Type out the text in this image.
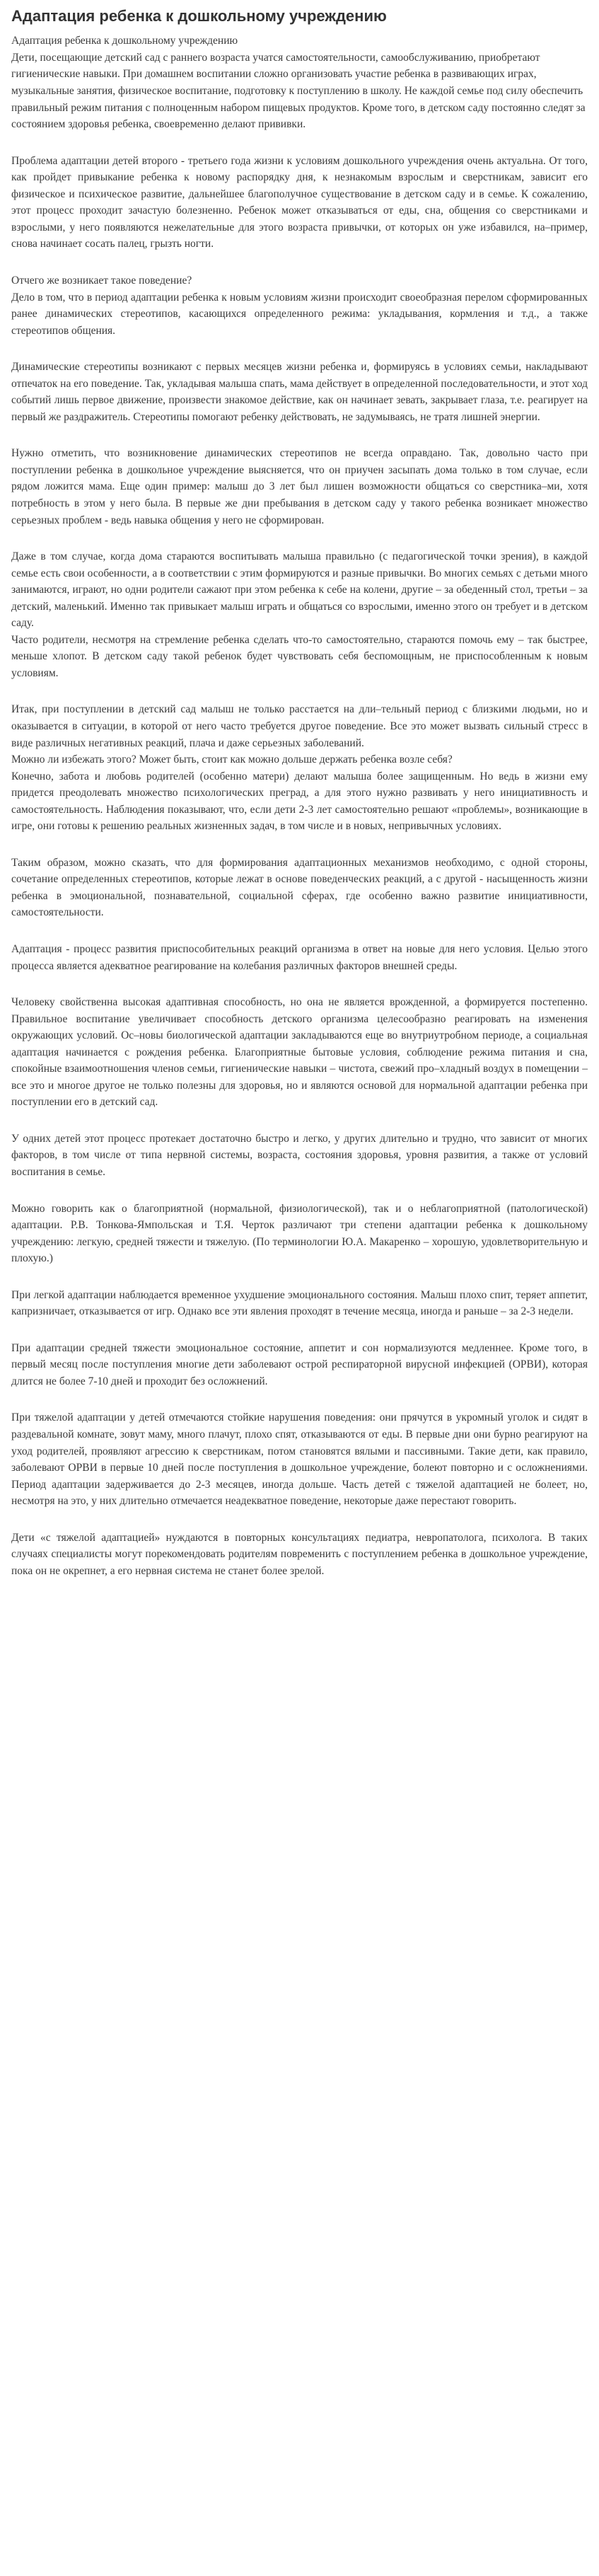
Адаптация ребенка к дошкольному учреждению
Адаптация ребенка к дошкольному учреждению

Дети, посещающие детский сад с раннего возраста учатся самостоятельности, самообслуживанию, приобретают гигиенические навыки. При домашнем воспитании сложно организовать участие ребенка в развивающих играх, музыкальные занятия, физическое воспитание, подготовку к поступлению в школу. Не каждой семье под силу обеспечить правильный режим питания с полноценным набором пищевых продуктов. Кроме того, в детском саду постоянно следят за состоянием здоровья ребенка, своевременно делают прививки.

Проблема адаптации детей второго - третьего года жизни к условиям дошкольного учреждения очень актуальна. От того, как пройдет привыкание ребенка к новому распорядку дня, к незнакомым взрослым и сверстникам, зависит его физическое и психическое развитие, дальнейшее благополучное существование в детском саду и в семье. К сожалению, этот процесс проходит зачастую болезненно. Ребенок может отказываться от еды, сна, общения со сверстниками и взрослыми, у него появляются нежелательные для этого возраста привычки, от которых он уже избавился, на–пример, снова начинает сосать палец, грызть ногти.

Отчего же возникает такое поведение?

Дело в том, что в период адаптации ребенка к новым условиям жизни происходит своеобразная перелом сформированных ранее динамических стереотипов, касающихся определенного режима: укладывания, кормления и т.д., а также стереотипов общения.

Динамические стереотипы возникают с первых месяцев жизни ребенка и, формируясь в условиях семьи, накладывают отпечаток на его поведение. Так, укладывая малыша спать, мама действует в определенной последовательности, и этот ход событий лишь первое движение, произвести знакомое действие, как он начинает зевать, закрывает глаза, т.е. реагирует на первый же раздражитель. Стереотипы помогают ребенку действовать, не задумываясь, не тратя лишней энергии.

Нужно отметить, что возникновение динамических стереотипов не всегда оправдано. Так, довольно часто при поступлении ребенка в дошкольное учреждение выясняется, что он приучен засыпать дома только в том случае, если рядом ложится мама. Еще один пример: малыш до 3 лет был лишен возможности общаться со сверстника–ми, хотя потребность в этом у него была. В первые же дни пребывания в детском саду у такого ребенка возникает множество серьезных проблем - ведь навыка общения у него не сформирован.

Даже в том случае, когда дома стараются воспитывать малыша правильно (с педагогической точки зрения), в каждой семье есть свои особенности, а в соответствии с этим формируются и разные привычки. Во многих семьях с детьми много занимаются, играют, но одни родители сажают при этом ребенка к себе на колени, другие – за обеденный стол, третьи – за детский, маленький. Именно так привыкает малыш играть и общаться со взрослыми, именно этого он требует и в детском саду.

Часто родители, несмотря на стремление ребенка сделать что-то самостоятельно, стараются помочь ему – так быстрее, меньше хлопот. В детском саду такой ребенок будет чувствовать себя беспомощным, не приспособленным к новым условиям.

Итак, при поступлении в детский сад малыш не только расстается на дли–тельный период с близкими людьми, но и оказывается в ситуации, в которой от него часто требуется другое поведение. Все это может вызвать сильный стресс в виде различных негативных реакций, плача и даже серьезных заболеваний.

Можно ли избежать этого? Может быть, стоит как можно дольше держать ребенка возле себя?

Конечно, забота и любовь родителей (особенно матери) делают малыша более защищенным. Но ведь в жизни ему придется преодолевать множество психологических преград, а для этого нужно развивать у него инициативность и самостоятельность. Наблюдения показывают, что, если дети 2-3 лет самостоятельно решают «проблемы», возникающие в игре, они готовы к решению реальных жизненных задач, в том числе и в новых, непривычных условиях.

Таким образом, можно сказать, что для формирования адаптационных механизмов необходимо, с одной стороны, сочетание определенных стереотипов, которые лежат в основе поведенческих реакций, а с другой - насыщенность жизни ребенка в эмоциональной, познавательной, социальной сферах, где особенно важно развитие инициативности, самостоятельности.

Адаптация - процесс развития приспособительных реакций организма в ответ на новые для него условия. Целью этого процесса является адекватное реагирование на колебания различных факторов внешней среды.

Человеку свойственна высокая адаптивная способность, но она не является врожденной, а формируется постепенно. Правильное воспитание увеличивает способность детского организма целесообразно реагировать на изменения окружающих условий. Ос–новы биологической адаптации закладываются еще во внутриутробном периоде, а социальная адаптация начинается с рождения ребенка. Благоприятные бытовые условия, соблюдение режима питания и сна, спокойные взаимоотношения членов семьи, гигиенические навыки – чистота, свежий про–хладный воздух в помещении – все это и многое другое не только полезны для здоровья, но и являются основой для нормальной адаптации ребенка при поступлении его в детский сад.

У одних детей этот процесс протекает достаточно быстро и легко, у других длительно и трудно, что зависит от многих факторов, в том числе от типа нервной системы, возраста, состояния здоровья, уровня развития, а также от условий воспитания в семье.

Можно говорить как о благоприятной (нормальной, физиологической), так и о неблагоприятной (патологической) адаптации. Р.В. Тонкова-Ямпольская и Т.Я. Черток различают три степени адаптации ребенка к дошкольному учреждению: легкую, средней тяжести и тяжелую. (По терминологии Ю.А. Макаренко – хорошую, удовлетворительную и плохую.)

При легкой адаптации наблюдается временное ухудшение эмоционального состояния. Малыш плохо спит, теряет аппетит, капризничает, отказывается от игр. Однако все эти явления проходят в течение месяца, иногда и раньше – за 2-3 недели.

При адаптации средней тяжести эмоциональное состояние, аппетит и сон нормализуются медленнее. Кроме того, в первый месяц после поступления многие дети заболевают острой респираторной вирусной инфекцией (ОРВИ), которая длится не более 7-10 дней и проходит без осложнений.

При тяжелой адаптации у детей отмечаются стойкие нарушения поведения: они прячутся в укромный уголок и сидят в раздевальной комнате, зовут маму, много плачут, плохо спят, отказываются от еды. В первые дни они бурно реагируют на уход родителей, проявляют агрессию к сверстникам, потом становятся вялыми и пассивными. Такие дети, как правило, заболевают ОРВИ в первые 10 дней после поступления в дошкольное учреждение, болеют повторно и с осложнениями. Период адаптации задерживается до 2-3 месяцев, иногда дольше. Часть детей с тяжелой адаптацией не болеет, но, несмотря на это, у них длительно отмечается неадекватное поведение, некоторые даже перестают говорить.

Дети «с тяжелой адаптацией» нуждаются в повторных консультациях педиатра, невропатолога, психолога. В таких случаях специалисты могут порекомендовать родителям повременить с поступлением ребенка в дошкольное учреждение, пока он не окрепнет, а его нервная система не станет более зрелой.
